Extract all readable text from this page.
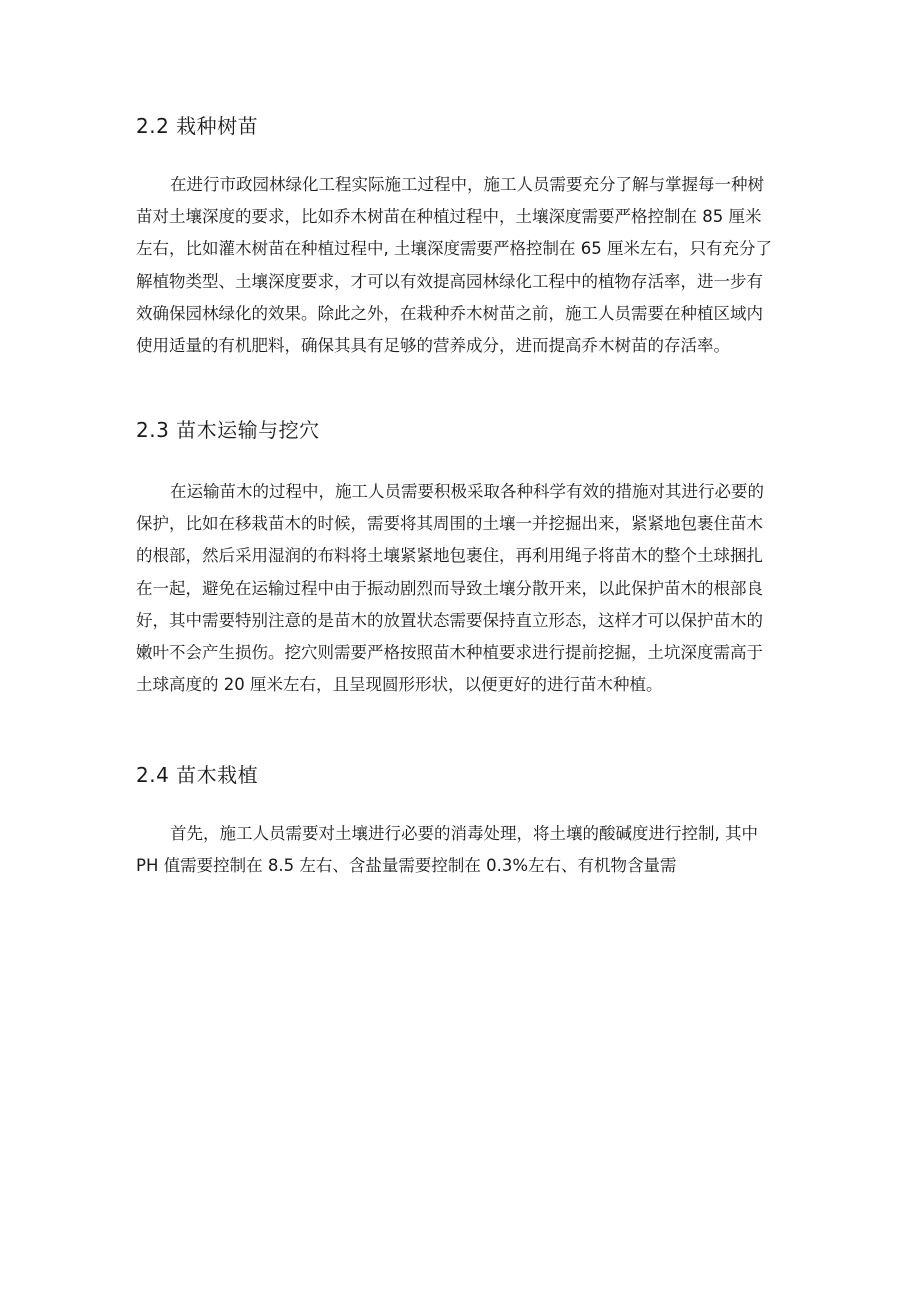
2.2 栽种树苗
在进行市政园林绿化工程实际施工过程中，施工人员需要充分了解与掌握每一种树
苗对土壤深度的要求，比如乔木树苗在种植过程中，土壤深度需要严格控制在 85 厘米
左右，比如灌木树苗在种植过程中, 土壤深度需要严格控制在 65 厘米左右，只有充分了
解植物类型、土壤深度要求，才可以有效提高园林绿化工程中的植物存活率，进一步有
效确保园林绿化的效果。除此之外，在栽种乔木树苗之前，施工人员需要在种植区域内
使用适量的有机肥料，确保其具有足够的营养成分，进而提高乔木树苗的存活率。
2.3 苗木运输与挖穴
在运输苗木的过程中，施工人员需要积极采取各种科学有效的措施对其进行必要的
保护，比如在移栽苗木的时候，需要将其周围的土壤一并挖掘出来，紧紧地包裹住苗木
的根部，然后采用湿润的布料将土壤紧紧地包裹住，再利用绳子将苗木的整个土球捆扎
在一起，避免在运输过程中由于振动剧烈而导致土壤分散开来，以此保护苗木的根部良
好，其中需要特别注意的是苗木的放置状态需要保持直立形态，这样才可以保护苗木的
嫩叶不会产生损伤。挖穴则需要严格按照苗木种植要求进行提前挖掘，土坑深度需高于
土球高度的 20 厘米左右，且呈现圆形形状，以便更好的进行苗木种植。
2.4 苗木栽植
首先，施工人员需要对土壤进行必要的消毒处理，将土壤的酸碱度进行控制, 其中
PH 值需要控制在 8.5 左右、含盐量需要控制在 0.3%左右、有机物含量需
